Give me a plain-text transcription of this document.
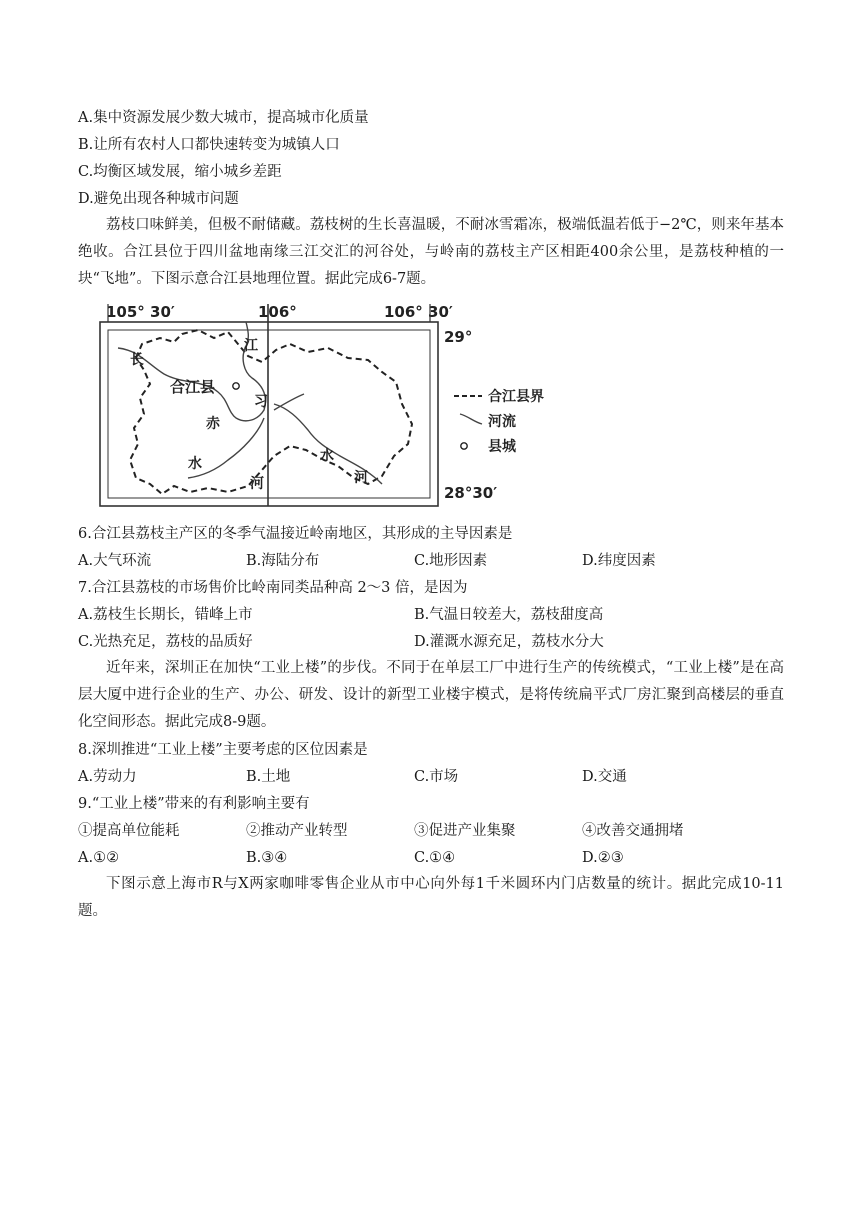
A.集中资源发展少数大城市，提高城市化质量
B.让所有农村人口都快速转变为城镇人口
C.均衡区域发展，缩小城乡差距
D.避免出现各种城市问题
荔枝口味鲜美，但极不耐储藏。荔枝树的生长喜温暖，不耐冰雪霜冻，极端低温若低于−2℃，则来年基本绝收。合江县位于四川盆地南缘三江交汇的河谷处，与岭南的荔枝主产区相距400余公里，是荔枝种植的一块“飞地”。下图示意合江县地理位置。据此完成6-7题。
105° 30′	106°	106° 30′
29°
28°30′
长
江
合江县
习
赤
水
河
水
河
合江县界
河流
县城
6.合江县荔枝主产区的冬季气温接近岭南地区，其形成的主导因素是
A.大气环流	B.海陆分布	C.地形因素	D.纬度因素
7.合江县荔枝的市场售价比岭南同类品种高 2～3 倍，是因为
A.荔枝生长期长，错峰上市	B.气温日较差大，荔枝甜度高
C.光热充足，荔枝的品质好	D.灌溉水源充足，荔枝水分大
近年来，深圳正在加快“工业上楼”的步伐。不同于在单层工厂中进行生产的传统模式，“工业上楼”是在高层大厦中进行企业的生产、办公、研发、设计的新型工业楼宇模式，是将传统扁平式厂房汇聚到高楼层的垂直化空间形态。据此完成8-9题。
8.深圳推进“工业上楼”主要考虑的区位因素是
A.劳动力	B.土地	C.市场	D.交通
9.“工业上楼”带来的有利影响主要有
①提高单位能耗	②推动产业转型	③促进产业集聚	④改善交通拥堵
A.①②	B.③④	C.①④	D.②③
下图示意上海市R与X两家咖啡零售企业从市中心向外每1千米圆环内门店数量的统计。据此完成10-11题。
